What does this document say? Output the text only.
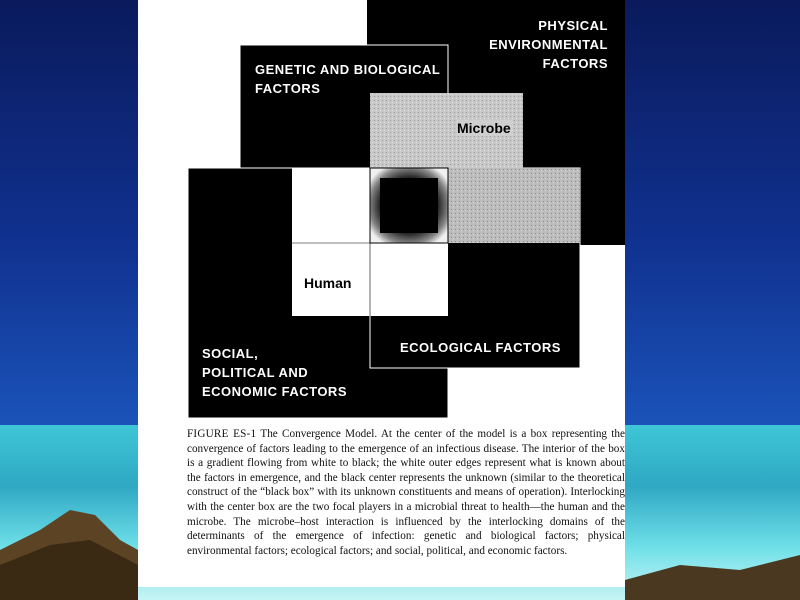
PHYSICAL
ENVIRONMENTAL
FACTORS
GENETIC AND BIOLOGICAL
FACTORS
Microbe
Human
ECOLOGICAL FACTORS
SOCIAL,
POLITICAL AND
ECONOMIC FACTORS
FIGURE ES-1 The Convergence Model. At the center of the model is a box representing the convergence of factors leading to the emergence of an infectious disease. The interior of the box is a gradient flowing from white to black; the white outer edges represent what is known about the factors in emergence, and the black center represents the unknown (similar to the theoretical construct of the “black box” with its unknown constituents and means of operation). Interlocking with the center box are the two focal players in a microbial threat to health—the human and the microbe. The microbe–host interaction is influenced by the interlocking domains of the determinants of the emergence of infection: genetic and biological factors; physical environmental factors; ecological factors; and social, political, and economic factors.
